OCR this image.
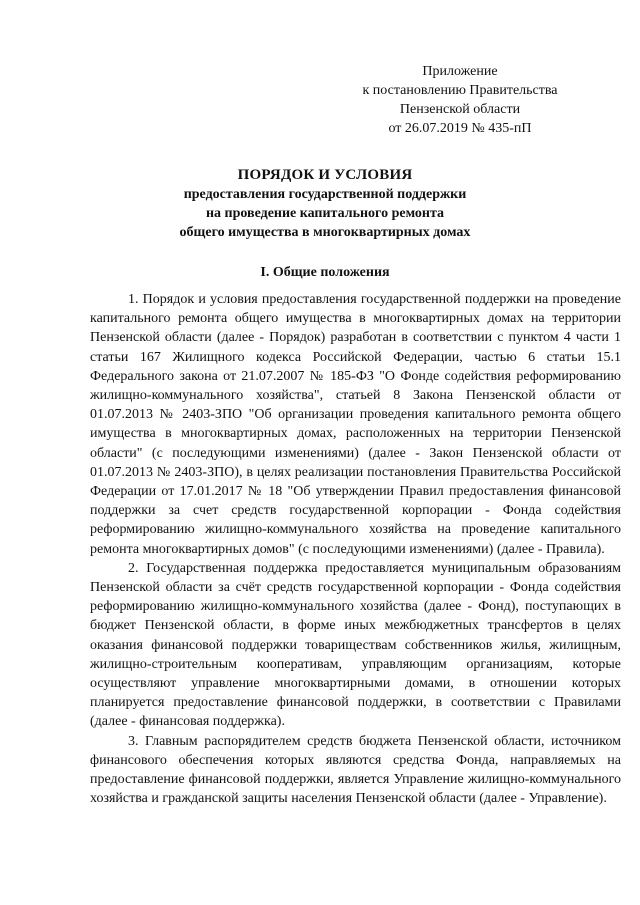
Приложение
к постановлению Правительства
Пензенской области
от 26.07.2019 № 435-пП
ПОРЯДОК И УСЛОВИЯ
предоставления государственной поддержки
на проведение капитального ремонта
общего имущества в многоквартирных домах
I. Общие положения

1. Порядок и условия предоставления государственной поддержки на проведение капитального ремонта общего имущества в многоквартирных домах на территории Пензенской области (далее - Порядок) разработан в соответствии с пунктом 4 части 1 статьи 167 Жилищного кодекса Российской Федерации, частью 6 статьи 15.1 Федерального закона от 21.07.2007 № 185-ФЗ "О Фонде содействия реформированию жилищно-коммунального хозяйства", статьей 8 Закона Пензенской области от 01.07.2013 № 2403-ЗПО "Об организации проведения капитального ремонта общего имущества в многоквартирных домах, расположенных на территории Пензенской области" (с последующими изменениями) (далее - Закон Пензенской области от 01.07.2013 № 2403-ЗПО), в целях реализации постановления Правительства Российской Федерации от 17.01.2017 № 18 "Об утверждении Правил предоставления финансовой поддержки за счет средств государственной корпорации - Фонда содействия реформированию жилищно-коммунального хозяйства на проведение капитального ремонта многоквартирных домов" (с последующими изменениями) (далее - Правила).

2. Государственная поддержка предоставляется муниципальным образованиям Пензенской области за счёт средств государственной корпорации - Фонда содействия реформированию жилищно-коммунального хозяйства (далее - Фонд), поступающих в бюджет Пензенской области, в форме иных межбюджетных трансфертов в целях оказания финансовой поддержки товариществам собственников жилья, жилищным, жилищно-строительным кооперативам, управляющим организациям, которые осуществляют управление многоквартирными домами, в отношении которых планируется предоставление финансовой поддержки, в соответствии с Правилами (далее - финансовая поддержка).

3. Главным распорядителем средств бюджета Пензенской области, источником финансового обеспечения которых являются средства Фонда, направляемых на предоставление финансовой поддержки, является Управление жилищно-коммунального хозяйства и гражданской защиты населения Пензенской области (далее - Управление).
